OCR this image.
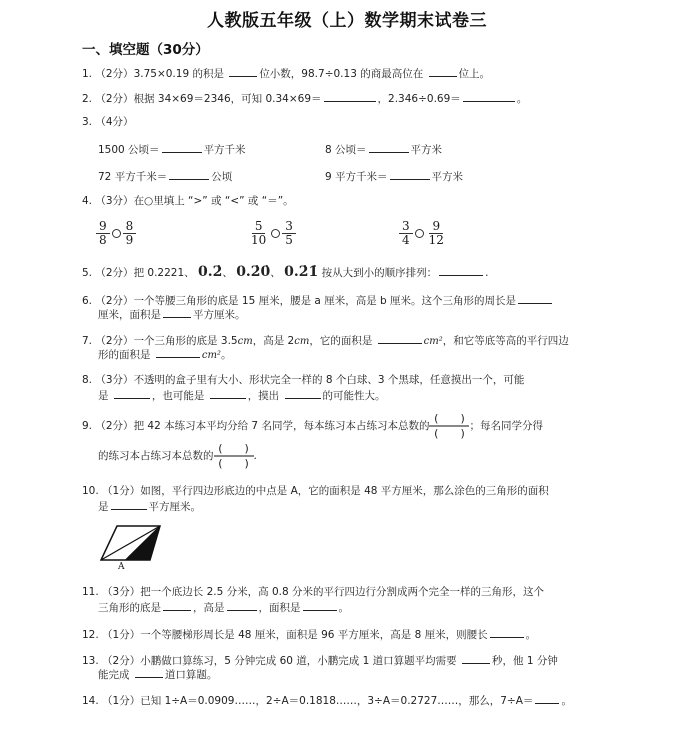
人教版五年级（上）数学期末试卷三
一、填空题（30分）
1. （2分）3.75×0.19 的积是	位小数，98.7÷0.13 的商最高位在	位上。
2. （2分）根据 34×69＝2346，可知 0.34×69＝	，2.346÷0.69＝	。
3. （4分）
1500 公顷＝	平方千米	8 公顷＝	平方米
72 平方千米＝	公顷	9 平方千米＝	平方米
4. （3分）在○里填上 “>” 或 “<” 或 “＝”。
$\frac{9}{8} \frac{8}{9}$	$\frac{5}{10} \frac{3}{5}$	$\frac{3}{4} \frac{9}{12}$
5. （2分）把 0.2221、 0.2̇、 0.2̇0̇、 0.2̇1̇ 按从大到小的顺序排列：	.
6. （2分）一个等腰三角形的底是 15 厘米，腰是 a 厘米，高是 b 厘米。这个三角形的周长是
厘米，面积是	平方厘米。
7. （2分）一个三角形的底是 3.5cm，高是 2cm，它的面积是	cm²，和它等底等高的平行四边
形的面积是	cm²。
8. （3分）不透明的盒子里有大小、形状完全一样的 8 个白球、3 个黑球，任意摸出一个，可能
是	，也可能是	，摸出	的可能性大。
9. （2分）把 42 本练习本平均分给 7 名同学，每本练习本占练习本总数的
(　　)
(　　)
；每名同学分得
的练习本占练习本总数的
(　　)
(　　)
.
10. （1分）如图，平行四边形底边的中点是 A，它的面积是 48 平方厘米，那么涂色的三角形的面积
是	平方厘米。
A
11. （3分）把一个底边长 2.5 分米，高 0.8 分米的平行四边行分割成两个完全一样的三角形，这个
三角形的底是	，高是	，面积是	。
12. （1分）一个等腰梯形周长是 48 厘米，面积是 96 平方厘米，高是 8 厘米，则腰长	。
13. （2分）小鹏做口算练习，5 分钟完成 60 道，小鹏完成 1 道口算题平均需要	秒，他 1 分钟
能完成	道口算题。
14. （1分）已知 1÷A＝0.0909……，2÷A＝0.1818……，3÷A＝0.2727……，那么，7÷A＝	。
